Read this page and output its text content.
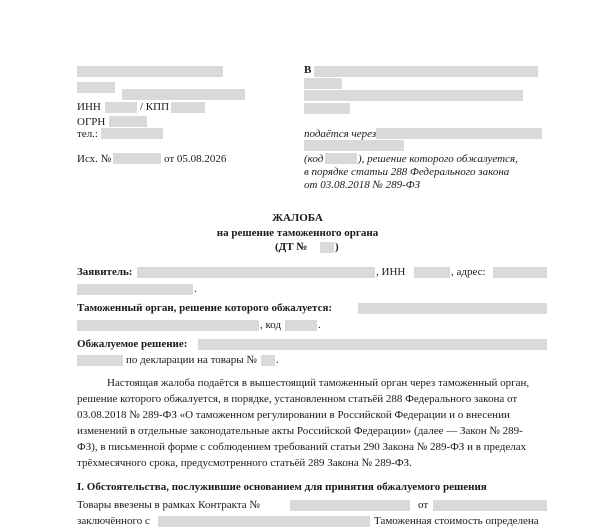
ИНН	/ КПП
ОГРН
тел.:
Исх. №	от 05.08.2026
В
подаётся через
(код	), решение которого обжалуется,
в порядке статьи 288 Федерального закона
от 03.08.2018 № 289-ФЗ
ЖАЛОБА
на решение таможенного органа
(ДТ №	)
Заявитель:	, ИНН	, адрес:
.
Таможенный орган, решение которого обжалуется:
, код	.
Обжалуемое решение:
по декларации на товары № .
Настоящая жалоба подаётся в вышестоящий таможенный орган через таможенный орган,
решение которого обжалуется, в порядке, установленном статьёй 288 Федерального закона от
03.08.2018 № 289-ФЗ «О таможенном регулировании в Российской Федерации и о внесении
изменений в отдельные законодательные акты Российской Федерации» (далее — Закон № 289-
ФЗ), в письменной форме с соблюдением требований статьи 290 Закона № 289-ФЗ и в пределах
трёхмесячного срока, предусмотренного статьёй 289 Закона № 289-ФЗ.
I. Обстоятельства, послужившие основанием для принятия обжалуемого решения
Товары ввезены в рамках Контракта №	от
заключённого с	Таможенная стоимость определена
